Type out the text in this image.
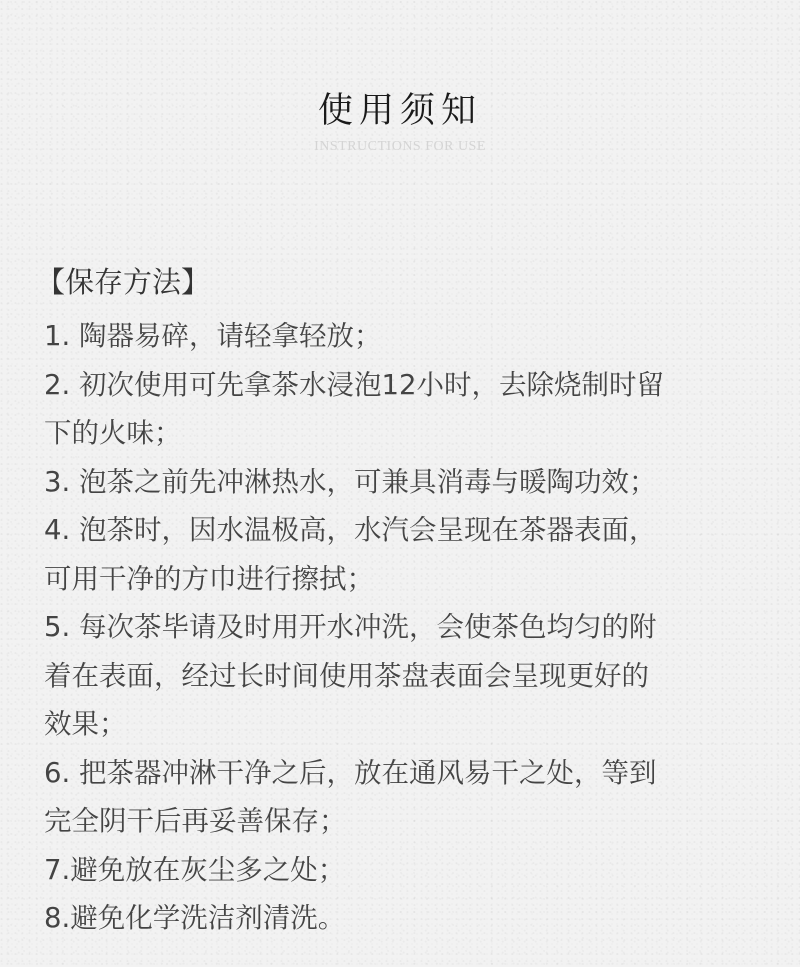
使用须知
INSTRUCTIONS FOR USE
【保存方法】
1. 陶器易碎，请轻拿轻放；
2. 初次使用可先拿茶水浸泡12小时，去除烧制时留
下的火味；
3. 泡茶之前先冲淋热水，可兼具消毒与暖陶功效；
4. 泡茶时，因水温极高，水汽会呈现在茶器表面，
可用干净的方巾进行擦拭；
5. 每次茶毕请及时用开水冲洗，会使茶色均匀的附
着在表面，经过长时间使用茶盘表面会呈现更好的
效果；
6. 把茶器冲淋干净之后，放在通风易干之处，等到
完全阴干后再妥善保存；
7.避免放在灰尘多之处；
8.避免化学洗洁剂清洗。
